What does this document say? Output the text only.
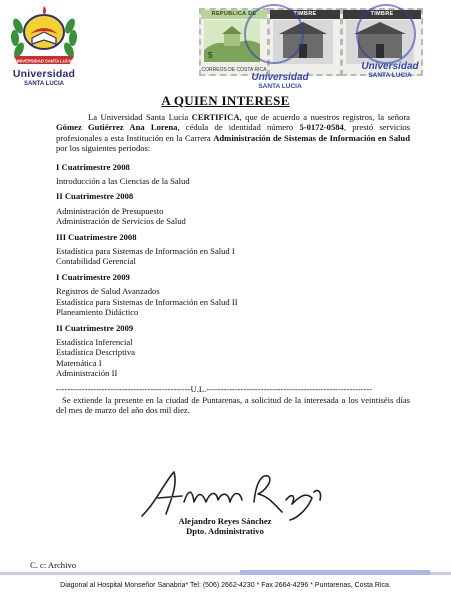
UNIVERSIDAD SANTA LUCIA
Universidad
SANTA LUCIA
REPUBLICA DE
5
CORREOS DE COSTA RICA
TIMBRE	TIMBRE
Universidad
SANTA LUCIA
Universidad
SANTA LUCIA
A QUIEN INTERESE

La Universidad Santa Lucía CERTIFICA, que de acuerdo a nuestros registros, la señora Gómez Gutiérrez Ana Lorena, cédula de identidad número 5-0172-0584, prestó servicios profesionales a esta Institución en la Carrera Administración de Sistemas de Información en Salud por los siguientes periodos:

I Cuatrimestre 2008
Introducción a las Ciencias de la Salud
II Cuatrimestre 2008
Administración de Presupuesto
Administración de Servicios de Salud
III Cuatrimestre 2008
Estadística para Sistemas de Información en Salud I
Contabilidad Gerencial
I Cuatrimestre 2009
Registros de Salud Avanzados
Estadística para Sistemas de Información en Salud II
Planeamiento Didáctico
II Cuatrimestre 2009
Estadística Inferencial
Estadística Descriptiva
Matemática I
Administración II
-----------------------------------------------U.L.----------------------------------------------------------

Se extiende la presente en la ciudad de Puntarenas, a solicitud de la interesada a los veintiséis días del mes de marzo del año dos mil diez.

Alejandro Reyes Sánchez
Dpto. Administrativo
C. c: Archivo
Diagonal al Hospital Monseñor Sanabria* Tel: (506) 2662-4230 * Fax 2664-4296 * Puntarenas, Costa Rica.
